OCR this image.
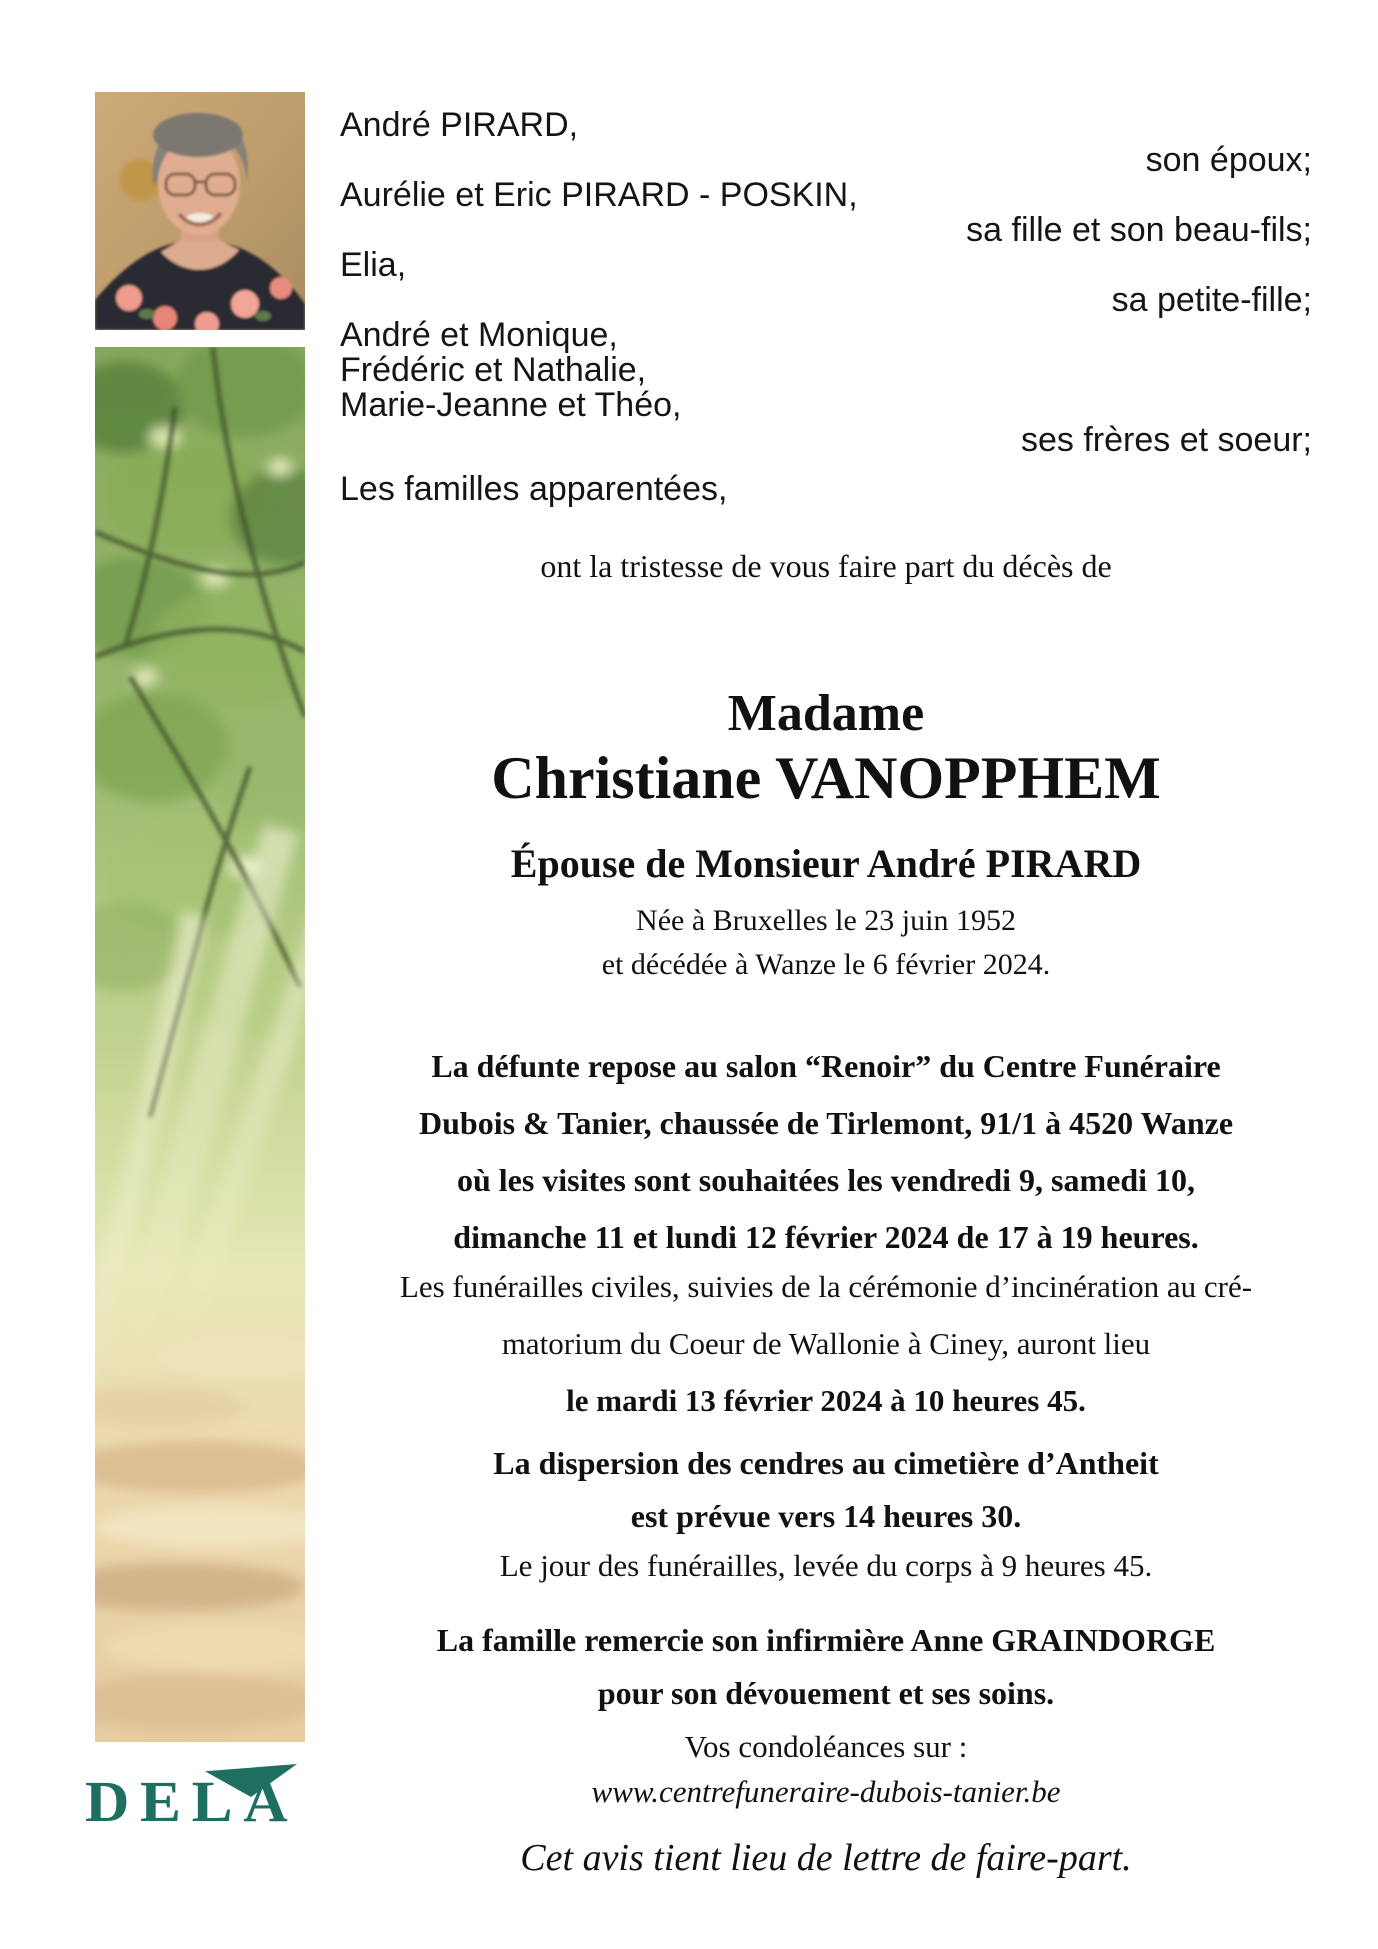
DELA
André PIRARD,
son époux;
Aurélie et Eric PIRARD - POSKIN,
sa fille et son beau-fils;
Elia,
sa petite-fille;
André et Monique,
Frédéric et Nathalie,
Marie-Jeanne et Théo,
ses frères et soeur;
Les familles apparentées,
ont la tristesse de vous faire part du décès de
Madame
Christiane VANOPPHEM
Épouse de Monsieur André PIRARD
Née à Bruxelles le 23 juin 1952
et décédée à Wanze le 6 février 2024.
La défunte repose au salon “Renoir” du Centre Funéraire
Dubois & Tanier, chaussée de Tirlemont, 91/1 à 4520 Wanze
où les visites sont souhaitées les vendredi 9, samedi 10,
dimanche 11 et lundi 12 février 2024 de 17 à 19 heures.
Les funérailles civiles, suivies de la cérémonie d’incinération au cré-
matorium du Coeur de Wallonie à Ciney, auront lieu
le mardi 13 février 2024 à 10 heures 45.
La dispersion des cendres au cimetière d’Antheit
est prévue vers 14 heures 30.
Le jour des funérailles, levée du corps à 9 heures 45.
La famille remercie son infirmière Anne GRAINDORGE
pour son dévouement et ses soins.
Vos condoléances sur :
www.centrefuneraire-dubois-tanier.be
Cet avis tient lieu de lettre de faire-part.
